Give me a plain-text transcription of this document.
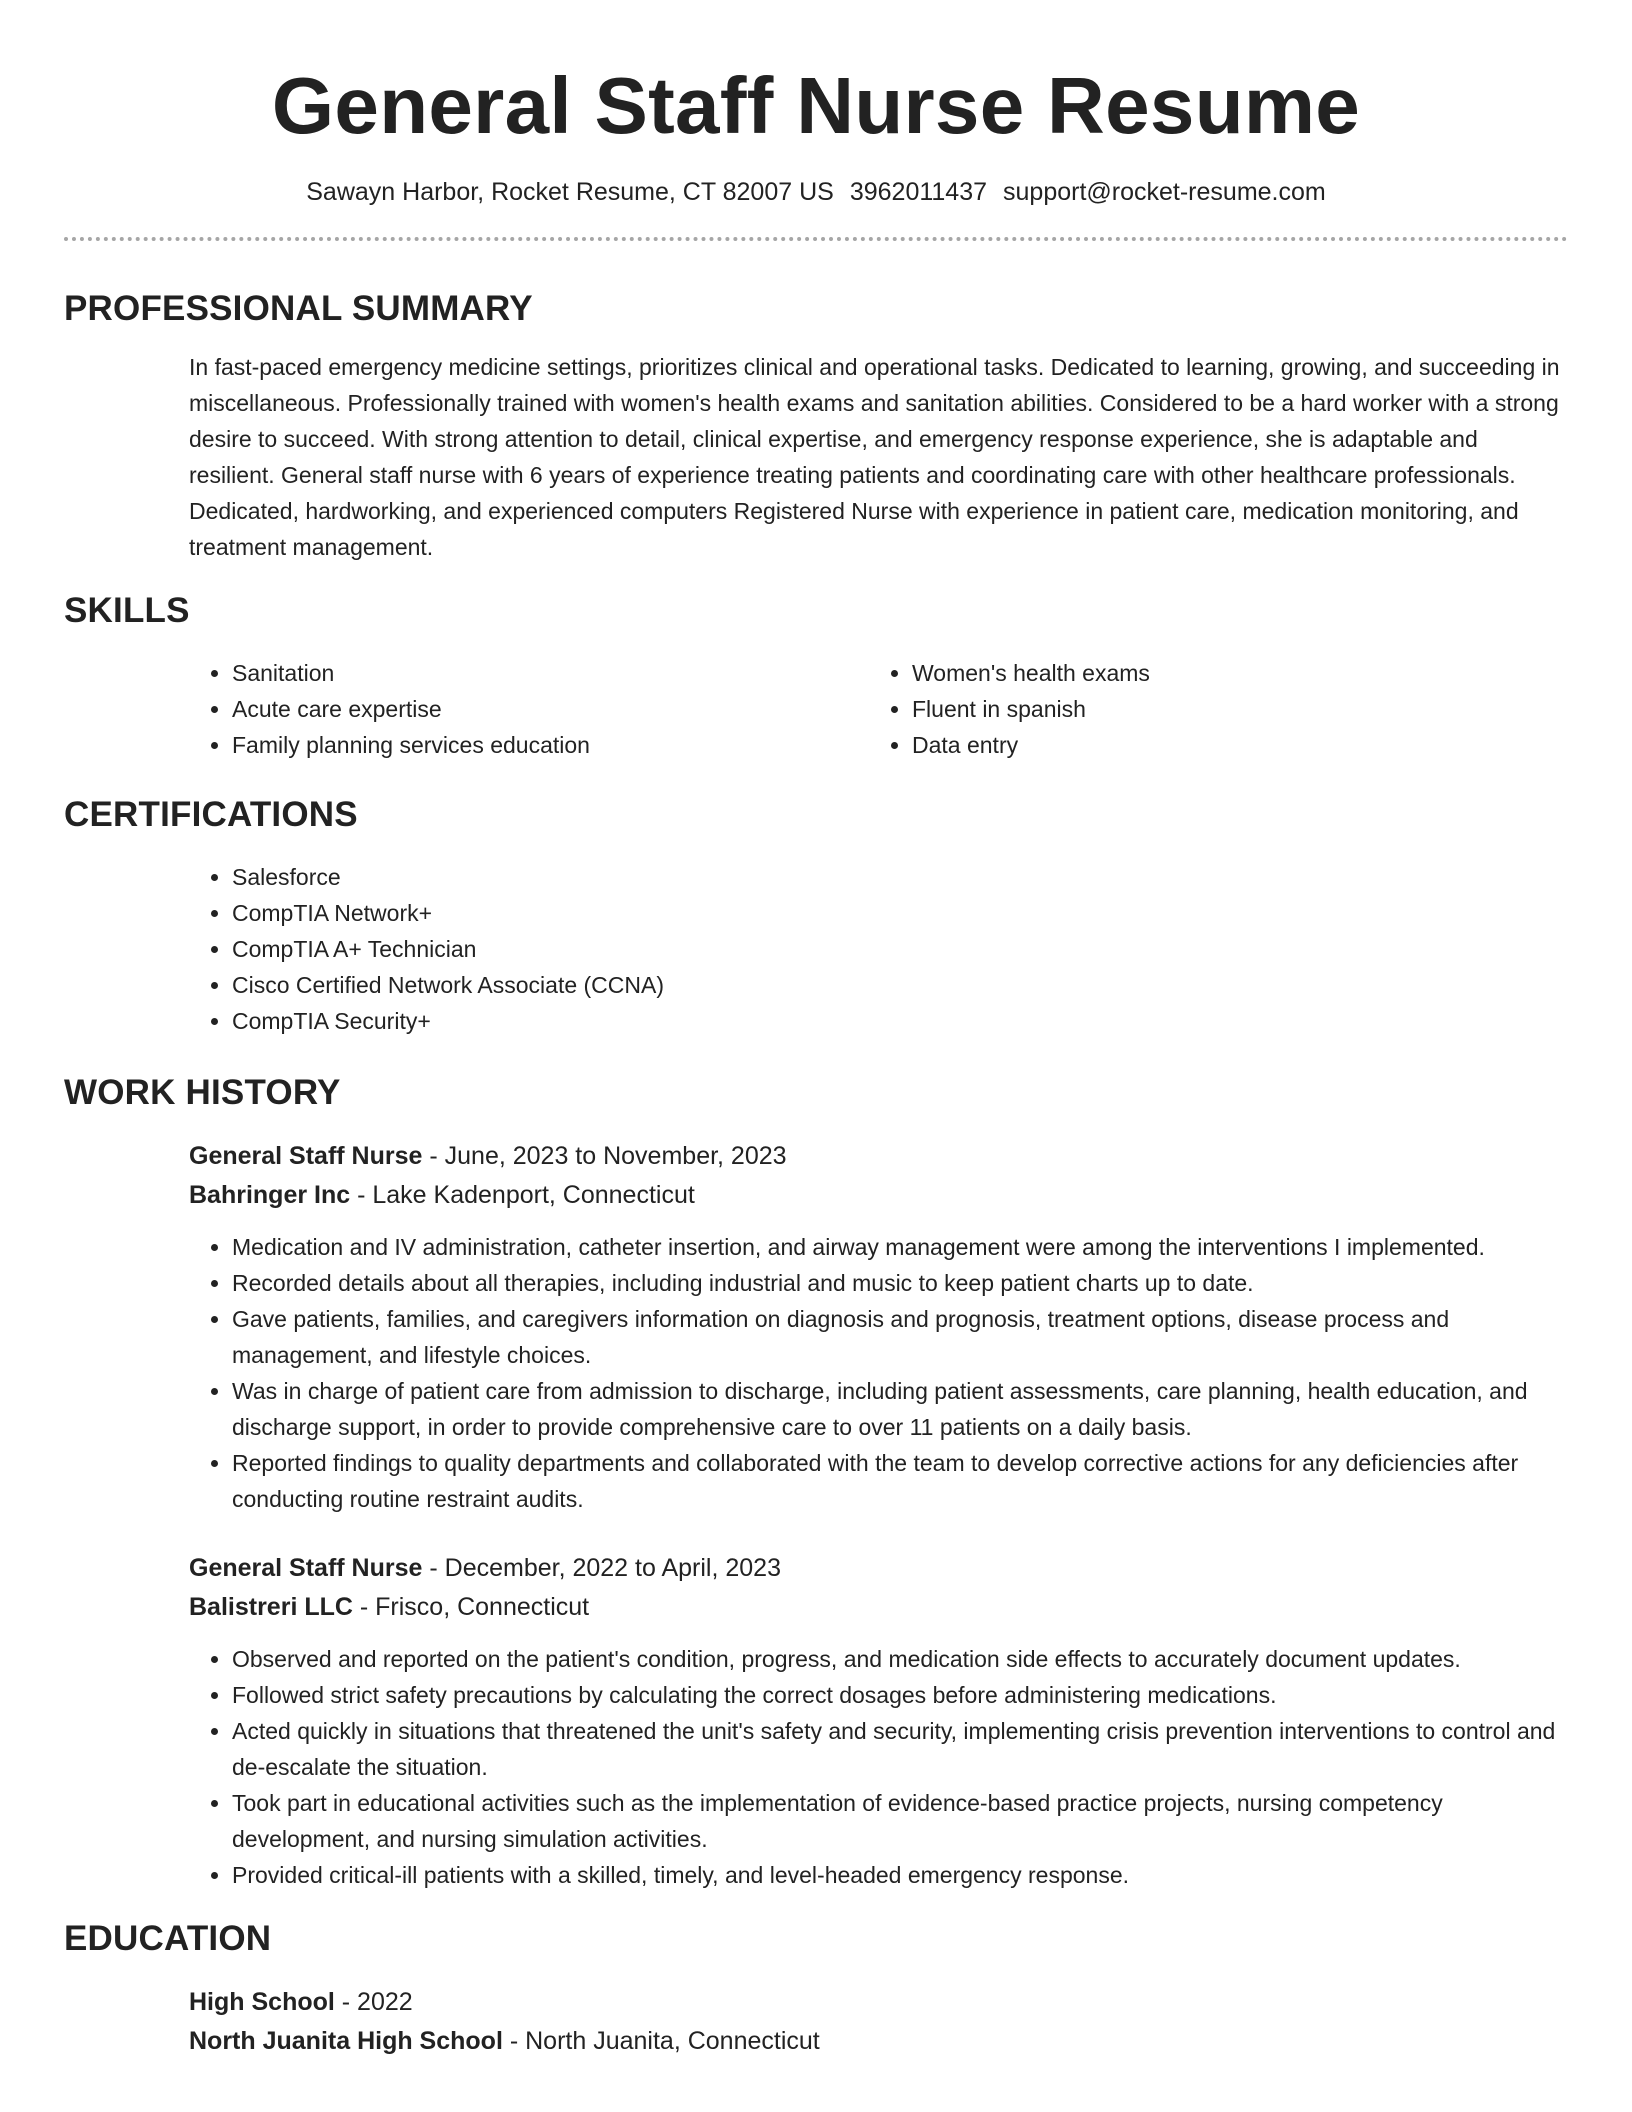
General Staff Nurse Resume
Sawayn Harbor, Rocket Resume, CT 82007 US 3962011437 support@rocket-resume.com
PROFESSIONAL SUMMARY
In fast-paced emergency medicine settings, prioritizes clinical and operational tasks. Dedicated to learning, growing, and succeeding in miscellaneous. Professionally trained with women's health exams and sanitation abilities. Considered to be a hard worker with a strong desire to succeed. With strong attention to detail, clinical expertise, and emergency response experience, she is adaptable and resilient. General staff nurse with 6 years of experience treating patients and coordinating care with other healthcare professionals. Dedicated, hardworking, and experienced computers Registered Nurse with experience in patient care, medication monitoring, and treatment management.
SKILLS
• Sanitation
• Acute care expertise
• Family planning services education
• Women's health exams
• Fluent in spanish
• Data entry
CERTIFICATIONS
• Salesforce
• CompTIA Network+
• CompTIA A+ Technician
• Cisco Certified Network Associate (CCNA)
• CompTIA Security+
WORK HISTORY
General Staff Nurse - June, 2023 to November, 2023
Bahringer Inc - Lake Kadenport, Connecticut
• Medication and IV administration, catheter insertion, and airway management were among the interventions I implemented.
• Recorded details about all therapies, including industrial and music to keep patient charts up to date.
• Gave patients, families, and caregivers information on diagnosis and prognosis, treatment options, disease process and management, and lifestyle choices.
• Was in charge of patient care from admission to discharge, including patient assessments, care planning, health education, and discharge support, in order to provide comprehensive care to over 11 patients on a daily basis.
• Reported findings to quality departments and collaborated with the team to develop corrective actions for any deficiencies after conducting routine restraint audits.
General Staff Nurse - December, 2022 to April, 2023
Balistreri LLC - Frisco, Connecticut
• Observed and reported on the patient's condition, progress, and medication side effects to accurately document updates.
• Followed strict safety precautions by calculating the correct dosages before administering medications.
• Acted quickly in situations that threatened the unit's safety and security, implementing crisis prevention interventions to control and de-escalate the situation.
• Took part in educational activities such as the implementation of evidence-based practice projects, nursing competency development, and nursing simulation activities.
• Provided critical-ill patients with a skilled, timely, and level-headed emergency response.
EDUCATION
High School - 2022
North Juanita High School - North Juanita, Connecticut
